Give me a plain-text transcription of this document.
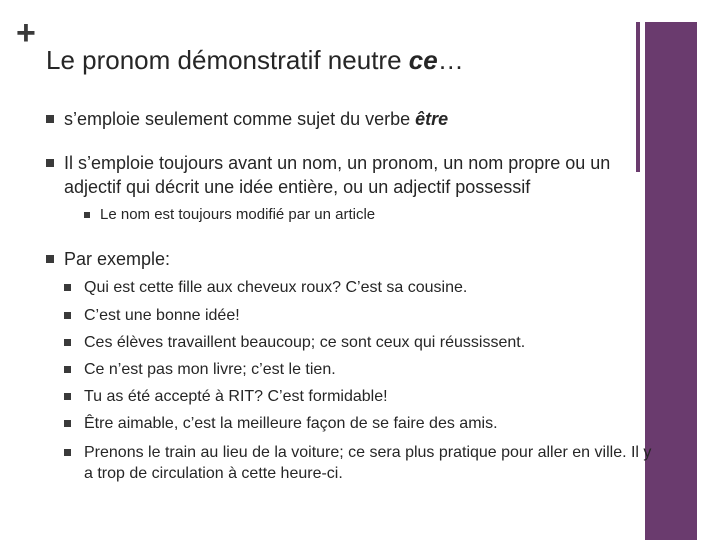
+
Le pronom démonstratif neutre ce…
s’emploie seulement comme sujet du verbe être
Il s’emploie toujours avant un nom, un pronom, un nom propre ou un adjectif qui décrit une idée entière, ou un adjectif possessif
Le nom est toujours modifié par un article
Par exemple:
Qui est cette fille aux cheveux roux? C’est sa cousine.
C’est une bonne idée!
Ces élèves travaillent beaucoup; ce sont ceux qui réussissent.
Ce n’est pas mon livre; c’est le tien.
Tu as été accepté à RIT? C’est formidable!
Être aimable, c’est la meilleure façon de se faire des amis.
Prenons le train au lieu de la voiture; ce sera plus pratique pour aller en ville. Il y a trop de circulation à cette heure-ci.
